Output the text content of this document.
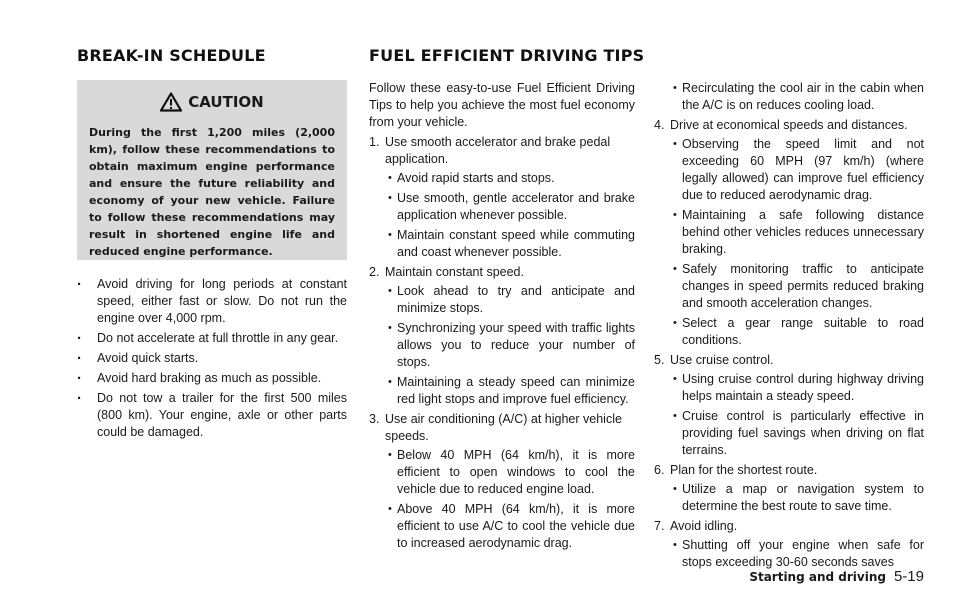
BREAK-IN SCHEDULE	FUEL EFFICIENT DRIVING TIPS
CAUTION

During the first 1,200 miles (2,000 km), follow these recommendations to obtain maximum engine performance and ensure the future reliability and economy of your new vehicle. Failure to follow these recommendations may result in shortened engine life and reduced engine performance.

. Avoid driving for long periods at constant speed, either fast or slow. Do not run the engine over 4,000 rpm.
. Do not accelerate at full throttle in any gear.
. Avoid quick starts.
. Avoid hard braking as much as possible.
. Do not tow a trailer for the first 500 miles (800 km). Your engine, axle or other parts could be damaged.

Follow these easy-to-use Fuel Efficient Driving Tips to help you achieve the most fuel economy from your vehicle.

1. Use smooth accelerator and brake pedal application.
• Avoid rapid starts and stops.
• Use smooth, gentle accelerator and brake application whenever possible.
• Maintain constant speed while commuting and coast whenever possible.
2. Maintain constant speed.
• Look ahead to try and anticipate and minimize stops.
• Synchronizing your speed with traffic lights allows you to reduce your number of stops.
• Maintaining a steady speed can minimize red light stops and improve fuel efficiency.
3. Use air conditioning (A/C) at higher vehicle speeds.
• Below 40 MPH (64 km/h), it is more efficient to open windows to cool the vehicle due to reduced engine load.
• Above 40 MPH (64 km/h), it is more efficient to use A/C to cool the vehicle due to increased aerodynamic drag.
• Recirculating the cool air in the cabin when the A/C is on reduces cooling load.
4. Drive at economical speeds and distances.
• Observing the speed limit and not exceeding 60 MPH (97 km/h) (where legally allowed) can improve fuel efficiency due to reduced aerodynamic drag.
• Maintaining a safe following distance behind other vehicles reduces unnecessary braking.
• Safely monitoring traffic to anticipate changes in speed permits reduced braking and smooth acceleration changes.
• Select a gear range suitable to road conditions.
5. Use cruise control.
• Using cruise control during highway driving helps maintain a steady speed.
• Cruise control is particularly effective in providing fuel savings when driving on flat terrains.
6. Plan for the shortest route.
• Utilize a map or navigation system to determine the best route to save time.
7. Avoid idling.
• Shutting off your engine when safe for stops exceeding 30-60 seconds saves
Starting and driving 5-19
